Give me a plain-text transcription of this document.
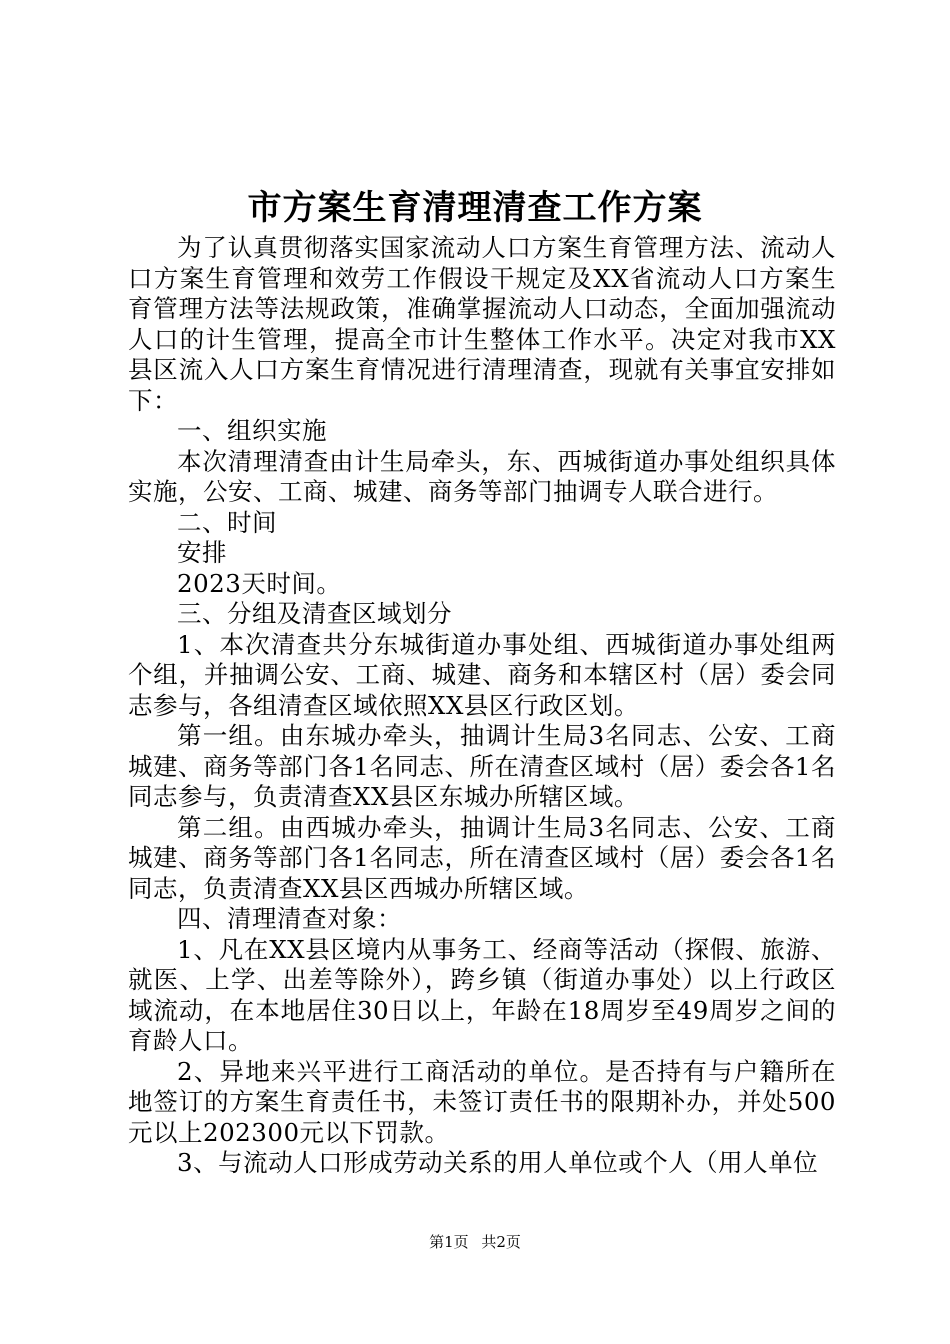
市方案生育清理清查工作方案

为了认真贯彻落实国家流动人口方案生育管理方法、流动人口方案生育管理和效劳工作假设干规定及XX省流动人口方案生育管理方法等法规政策，准确掌握流动人口动态，全面加强流动人口的计生管理，提高全市计生整体工作水平。决定对我市XX县区流入人口方案生育情况进行清理清查，现就有关事宜安排如下：

一、组织实施

本次清理清查由计生局牵头，东、西城街道办事处组织具体实施，公安、工商、城建、商务等部门抽调专人联合进行。

二、时间

安排

2023天时间。

三、分组及清查区域划分

1、本次清查共分东城街道办事处组、西城街道办事处组两个组，并抽调公安、工商、城建、商务和本辖区村（居）委会同志参与，各组清查区域依照XX县区行政区划。

第一组。由东城办牵头，抽调计生局3名同志、公安、工商城建、商务等部门各1名同志、所在清查区域村（居）委会各1名同志参与，负责清查XX县区东城办所辖区域。

第二组。由西城办牵头，抽调计生局3名同志、公安、工商城建、商务等部门各1名同志，所在清查区域村（居）委会各1名同志，负责清查XX县区西城办所辖区域。

四、清理清查对象：

1、凡在XX县区境内从事务工、经商等活动（探假、旅游、就医、上学、出差等除外），跨乡镇（街道办事处）以上行政区域流动，在本地居住30日以上，年龄在18周岁至49周岁之间的育龄人口。

2、异地来兴平进行工商活动的单位。是否持有与户籍所在地签订的方案生育责任书，未签订责任书的限期补办，并处500元以上202300元以下罚款。

3、与流动人口形成劳动关系的用人单位或个人（用人单位

第1页 共2页
